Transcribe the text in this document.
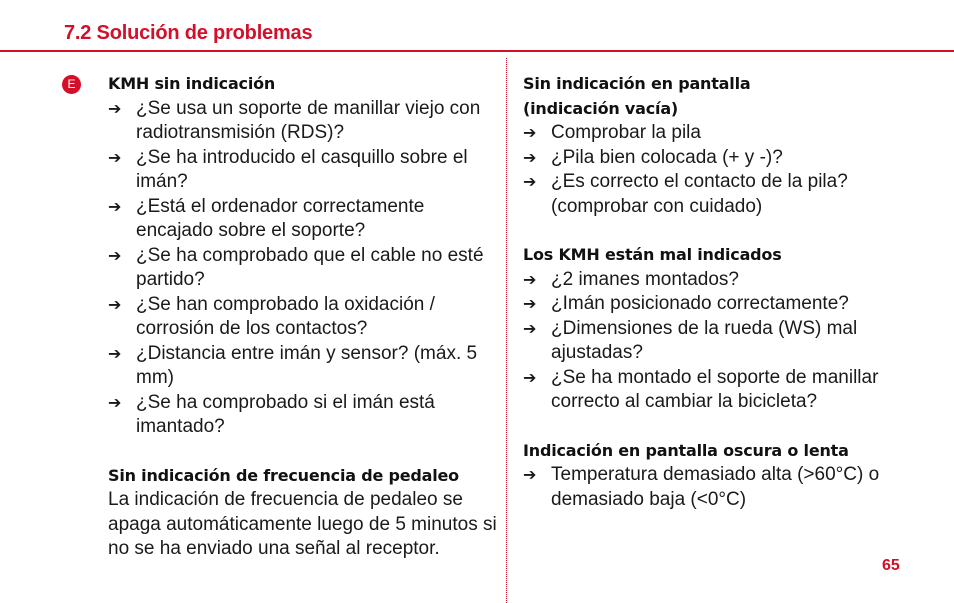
7.2 Solución de problemas
E	KMH sin indicación
➔ ¿Se usa un soporte de manillar viejo con radiotransmisión (RDS)?
➔ ¿Se ha introducido el casquillo sobre el imán?
➔ ¿Está el ordenador correctamente encajado sobre el soporte?
➔ ¿Se ha comprobado que el cable no esté partido?
➔ ¿Se han comprobado la oxidación / corrosión de los contactos?
➔ ¿Distancia entre imán y sensor? (máx. 5 mm)
➔ ¿Se ha comprobado si el imán está imantado?
Sin indicación de frecuencia de pedaleo
La indicación de frecuencia de pedaleo se apaga automáticamente luego de 5 minutos si no se ha enviado una señal al receptor.
Sin indicación en pantalla
(indicación vacía)
➔ Comprobar la pila
➔ ¿Pila bien colocada (+ y -)?
➔ ¿Es correcto el contacto de la pila? (comprobar con cuidado)
Los KMH están mal indicados
➔ ¿2 imanes montados?
➔ ¿Imán posicionado correctamente?
➔ ¿Dimensiones de la rueda (WS) mal ajustadas?
➔ ¿Se ha montado el soporte de manillar correcto al cambiar la bicicleta?
Indicación en pantalla oscura o lenta
➔ Temperatura demasiado alta (>60°C) o demasiado baja (<0°C)
65
